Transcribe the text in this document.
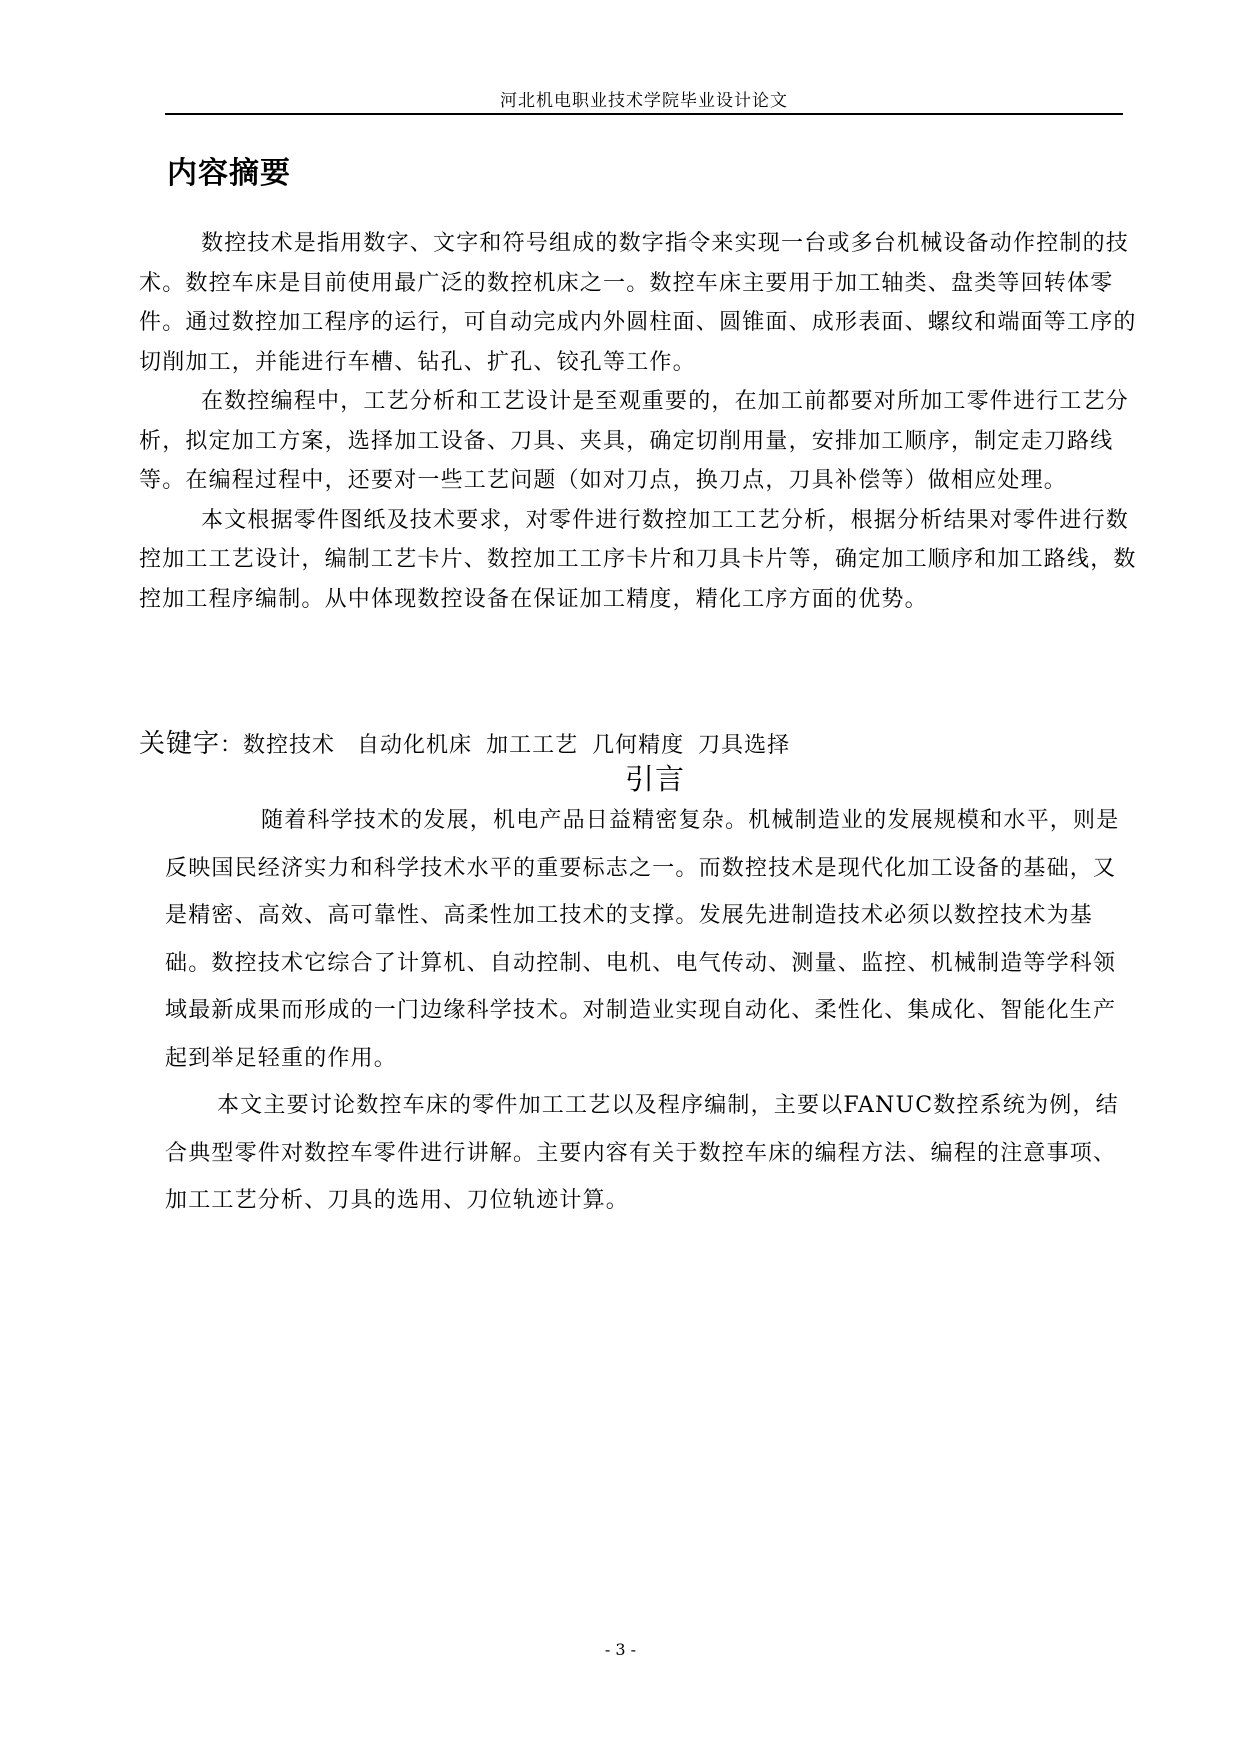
河北机电职业技术学院毕业设计论文
内容摘要

数控技术是指用数字、文字和符号组成的数字指令来实现一台或多台机械设备动作控制的技术。数控车床是目前使用最广泛的数控机床之一。数控车床主要用于加工轴类、盘类等回转体零件。通过数控加工程序的运行，可自动完成内外圆柱面、圆锥面、成形表面、螺纹和端面等工序的切削加工，并能进行车槽、钻孔、扩孔、铰孔等工作。

在数控编程中，工艺分析和工艺设计是至观重要的，在加工前都要对所加工零件进行工艺分析，拟定加工方案，选择加工设备、刀具、夹具，确定切削用量，安排加工顺序，制定走刀路线等。在编程过程中，还要对一些工艺问题（如对刀点，换刀点，刀具补偿等）做相应处理。

本文根据零件图纸及技术要求，对零件进行数控加工工艺分析，根据分析结果对零件进行数控加工工艺设计，编制工艺卡片、数控加工工序卡片和刀具卡片等，确定加工顺序和加工路线，数控加工程序编制。从中体现数控设备在保证加工精度，精化工序方面的优势。

关键字：数控技术 自动化机床 加工工艺 几何精度 刀具选择
引言

随着科学技术的发展，机电产品日益精密复杂。机械制造业的发展规模和水平，则是反映国民经济实力和科学技术水平的重要标志之一。而数控技术是现代化加工设备的基础，又是精密、高效、高可靠性、高柔性加工技术的支撑。发展先进制造技术必须以数控技术为基础。数控技术它综合了计算机、自动控制、电机、电气传动、测量、监控、机械制造等学科领域最新成果而形成的一门边缘科学技术。对制造业实现自动化、柔性化、集成化、智能化生产起到举足轻重的作用。

本文主要讨论数控车床的零件加工工艺以及程序编制，主要以FANUC数控系统为例，结合典型零件对数控车零件进行讲解。主要内容有关于数控车床的编程方法、编程的注意事项、加工工艺分析、刀具的选用、刀位轨迹计算。

- 3 -
